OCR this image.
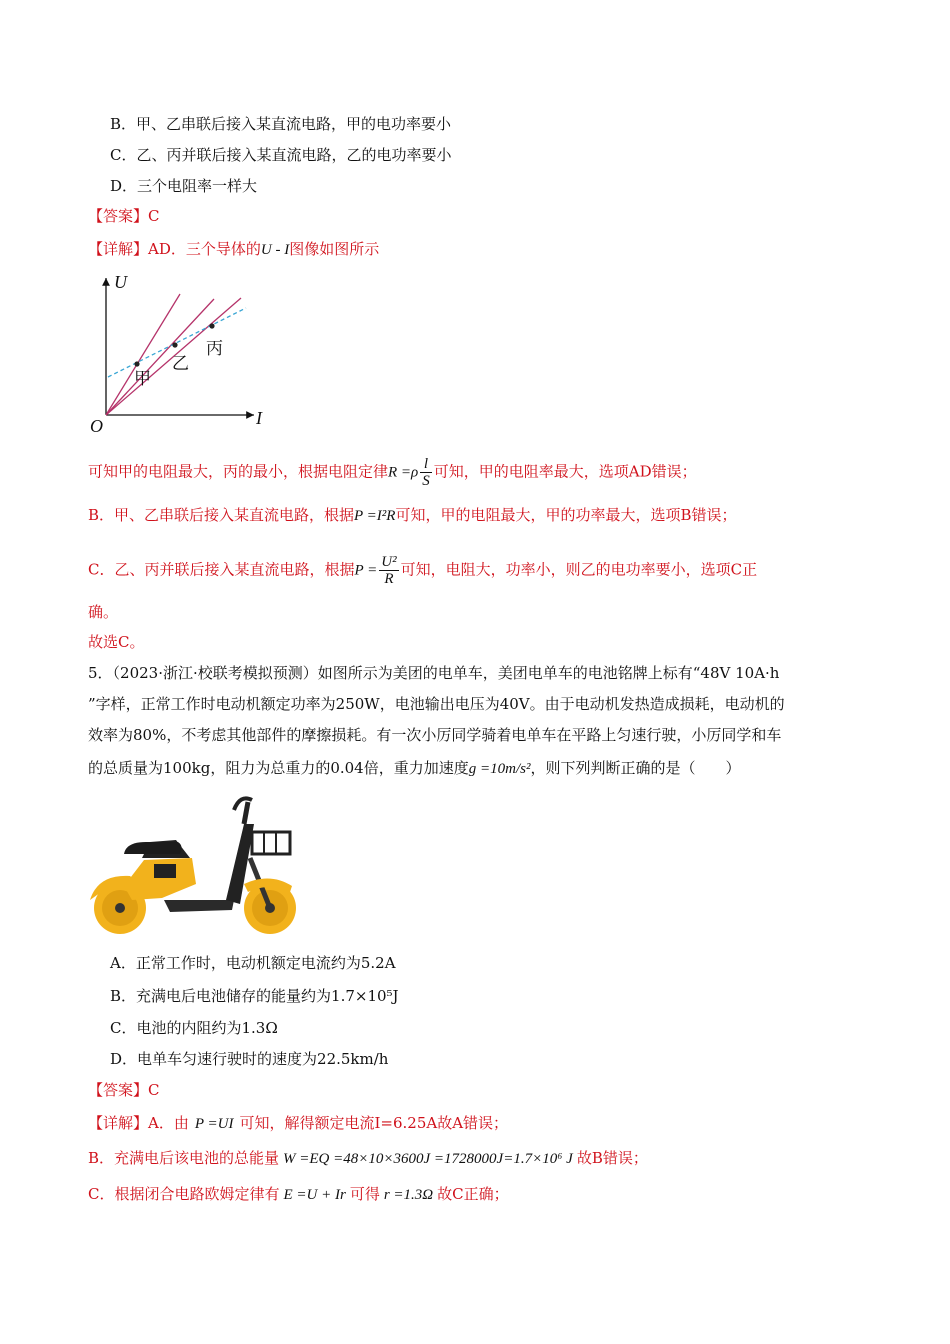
B．甲、乙串联后接入某直流电路，甲的电功率要小
C．乙、丙并联后接入某直流电路，乙的电功率要小
D．三个电阻率一样大
【答案】C
【详解】AD．三个导体的U - I图像如图所示
U
I
O
甲
乙
丙
可知甲的电阻最大，丙的最小，根据电阻定律$R =\rho \frac{l}{S}$ 可知，甲的电阻率最大，选项AD错误；
B．甲、乙串联后接入某直流电路，根据P =I²R可知，甲的电阻最大，甲的功率最大，选项B错误；
C．乙、丙并联后接入某直流电路，根据$P = \frac{\text{U²}}{R}$ 可知，电阻大，功率小，则乙的电功率要小，选项C正
确。
故选C。
5．（2023·浙江·校联考模拟预测）如图所示为美团的电单车，美团电单车的电池铭牌上标有“48V 10A·h
”字样，正常工作时电动机额定功率为250W，电池输出电压为40V。由于电动机发热造成损耗，电动机的
效率为80%，不考虑其他部件的摩擦损耗。有一次小厉同学骑着电单车在平路上匀速行驶，小厉同学和车
的总质量为100kg，阻力为总重力的0.04倍，重力加速度g =10m/s²，则下列判断正确的是（　　）
A．正常工作时，电动机额定电流约为5.2A
B．充满电后电池储存的能量约为1.7×10⁵J
C．电池的内阻约为1.3Ω
D．电单车匀速行驶时的速度为22.5km/h
【答案】C
【详解】A．由 P =UI 可知，解得额定电流I=6.25A故A错误；
B．充满电后该电池的总能量 W =EQ =48×10×3600J =1728000J=1.7×10⁶ J 故B错误；
C．根据闭合电路欧姆定律有 E =U + Ir 可得 r =1.3Ω 故C正确；
